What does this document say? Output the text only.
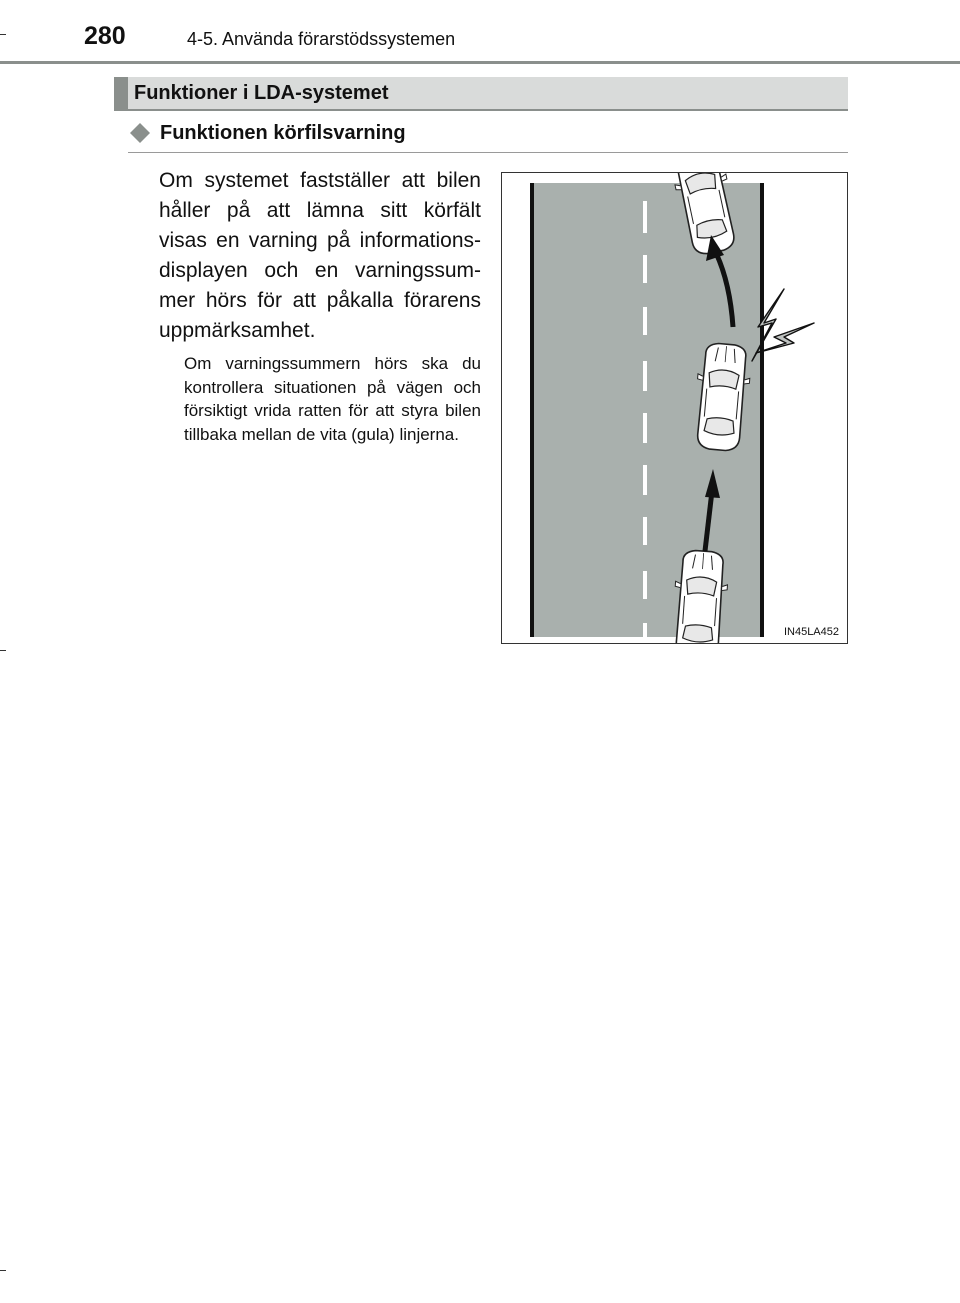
280	4-5. Använda förarstödssystemen
Funktioner i LDA-systemet
Funktionen körfilsvarning
Om systemet fastställer att bilen håller på att lämna sitt körfält visas en varning på informations-displayen och en varningssum-mer hörs för att påkalla förarens uppmärksamhet.
Om varningssummern hörs ska du kontrollera situationen på vägen och försiktigt vrida ratten för att styra bilen tillbaka mellan de vita (gula) linjerna.
IN45LA452
